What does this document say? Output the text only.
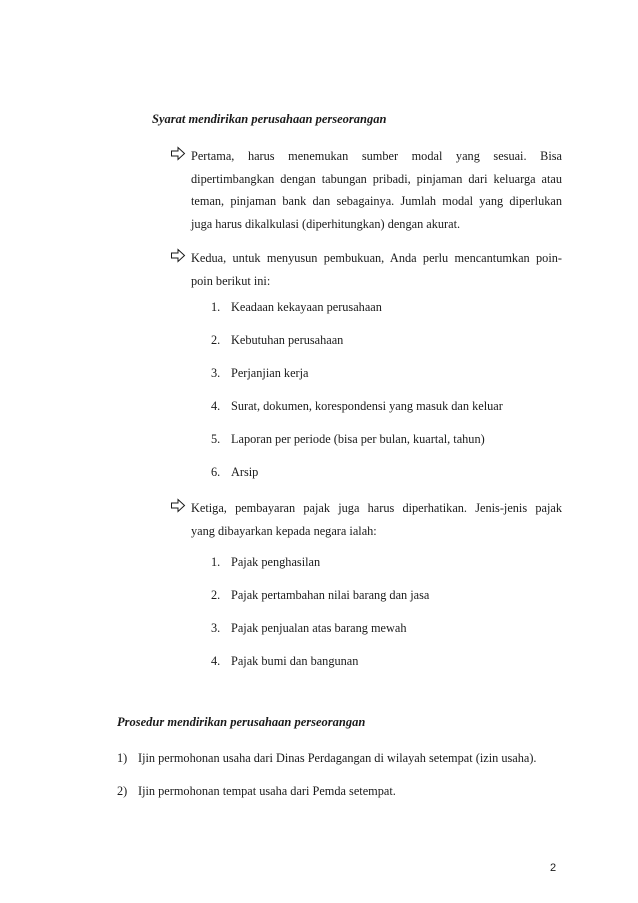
Syarat mendirikan perusahaan perseorangan
Pertama, harus menemukan sumber modal yang sesuai. Bisa
dipertimbangkan dengan tabungan pribadi, pinjaman dari keluarga atau
teman, pinjaman bank dan sebagainya. Jumlah modal yang diperlukan
juga harus dikalkulasi (diperhitungkan) dengan akurat.
Kedua, untuk menyusun pembukuan, Anda perlu mencantumkan poin-
poin berikut ini:
1. Keadaan kekayaan perusahaan
2. Kebutuhan perusahaan
3. Perjanjian kerja
4. Surat, dokumen, korespondensi yang masuk dan keluar
5. Laporan per periode (bisa per bulan, kuartal, tahun)
6. Arsip
Ketiga, pembayaran pajak juga harus diperhatikan. Jenis-jenis pajak
yang dibayarkan kepada negara ialah:
1. Pajak penghasilan
2. Pajak pertambahan nilai barang dan jasa
3. Pajak penjualan atas barang mewah
4. Pajak bumi dan bangunan
Prosedur mendirikan perusahaan perseorangan
1) Ijin permohonan usaha dari Dinas Perdagangan di wilayah setempat (izin usaha).
2) Ijin permohonan tempat usaha dari Pemda setempat.
2
